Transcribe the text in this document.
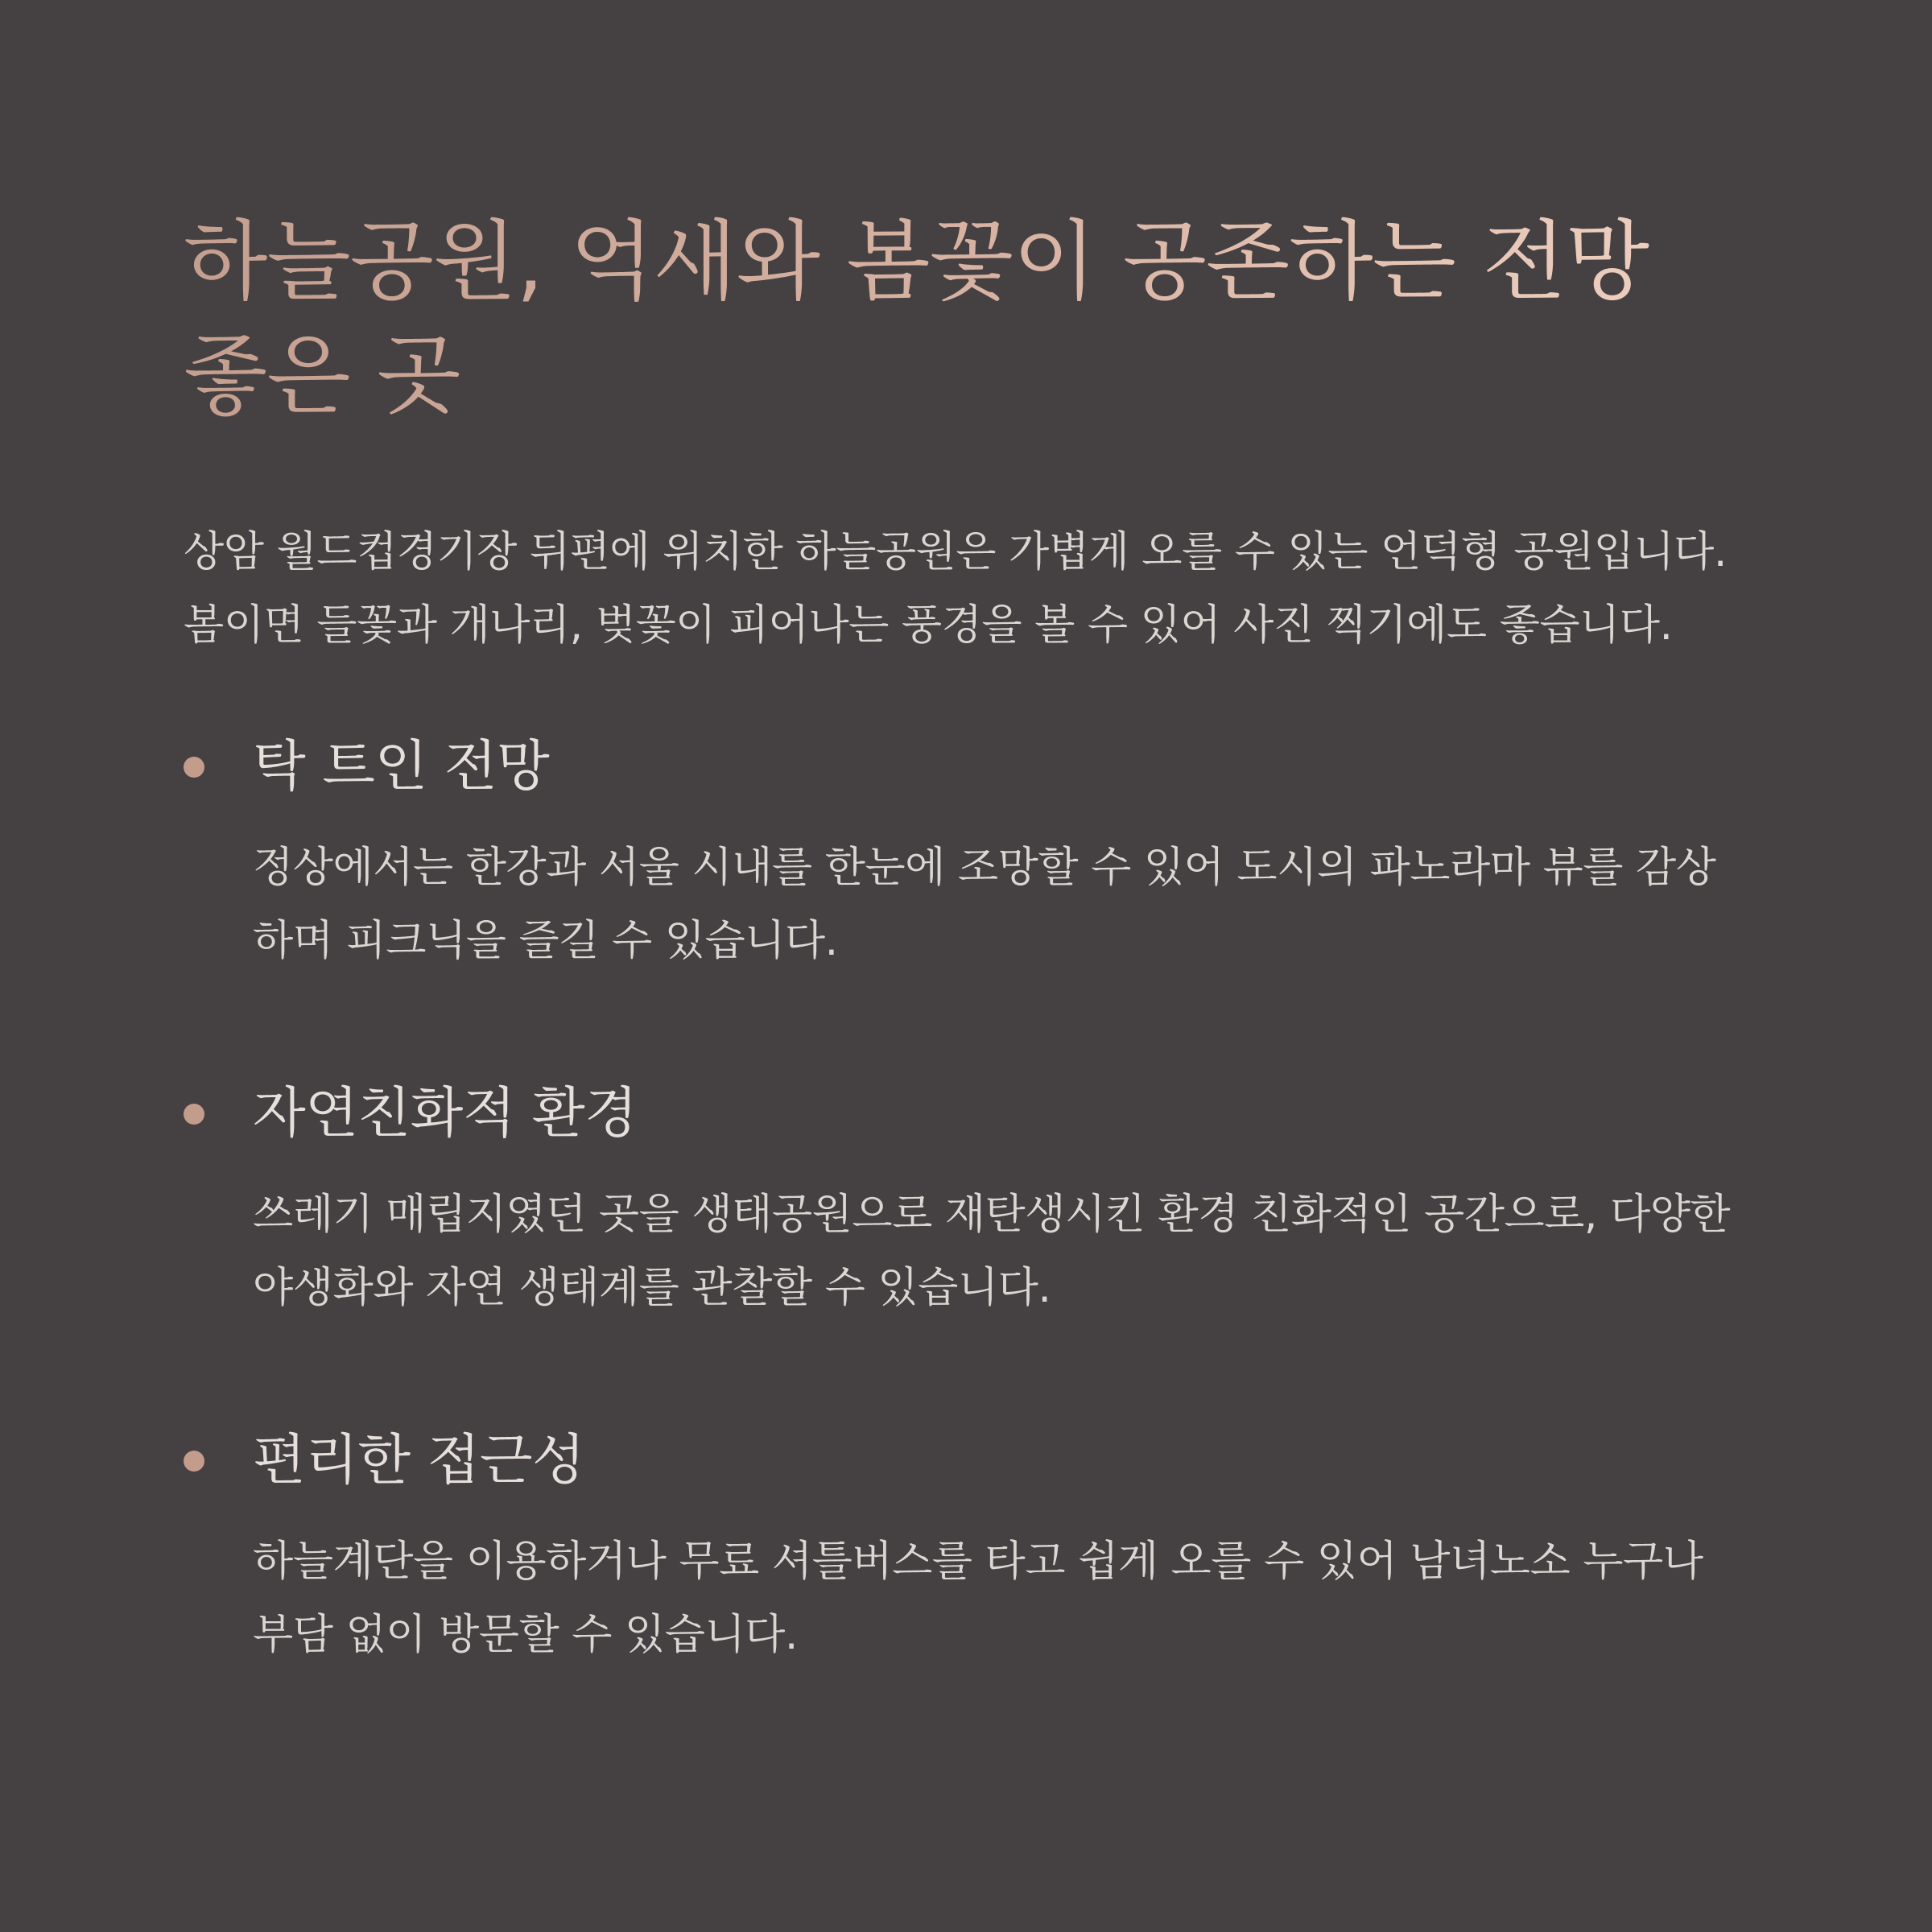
하늘공원, 억새와 봄꽃이 공존하는 전망 좋은 곳

상암 월드컵경기장 뒤편에 위치한 하늘공원은 가볍게 오를 수 있는 언덕형 공원입니다. 봄이면 들꽃과 개나리, 벚꽃이 피어나는 풍경을 볼 수 있어 사진 찍기에도 좋습니다.

탁 트인 전망

정상에서는 한강과 서울 시내를 한눈에 조망할 수 있어 도시의 파노라마 뷰를 감상하며 피크닉을 즐길 수 있습니다.

자연친화적 환경

쓰레기 매립지였던 곳을 생태공원으로 재탄생시킨 환경 친화적인 공간으로, 다양한 야생화와 자연 생태계를 관찰할 수 있습니다.

편리한 접근성

하늘계단을 이용하거나 무료 셔틀버스를 타고 쉽게 오를 수 있어 남녀노소 누구나 부담 없이 방문할 수 있습니다.
